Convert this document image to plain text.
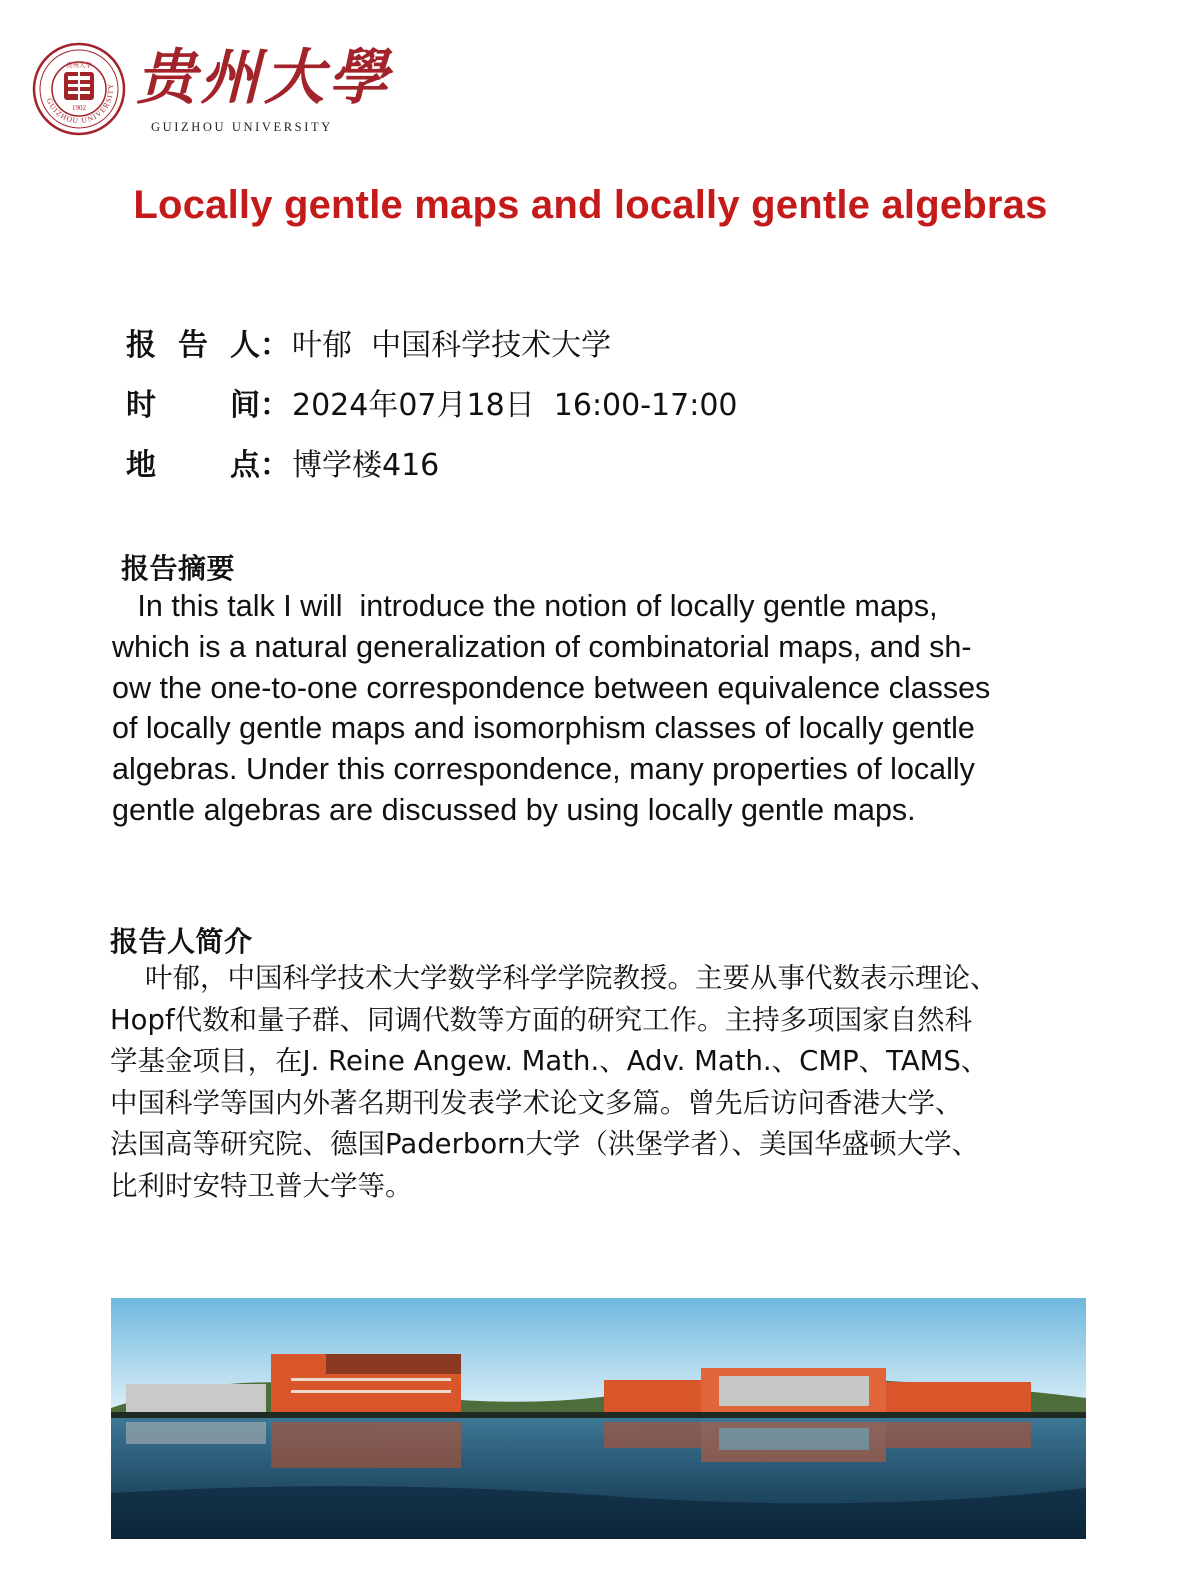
GUIZHOU UNIVERSITY
1902
贵州大学 贵州大學
GUIZHOU UNIVERSITY
Locally gentle maps and locally gentle algebras
报告人 ： 叶郁  中国科学技术大学
时 间 ： 2024年07月18日  16:00-17:00
地 点 ： 博学楼416
报告摘要
In this talk I will  introduce the notion of locally gentle maps,
which is a natural generalization of combinatorial maps, and sh-
ow the one-to-one correspondence between equivalence classes
of locally gentle maps and isomorphism classes of locally gentle
algebras. Under this correspondence, many properties of locally
gentle algebras are discussed by using locally gentle maps.
报告人简介
叶郁，中国科学技术大学数学科学学院教授。主要从事代数表示理论、
Hopf代数和量子群、同调代数等方面的研究工作。主持多项国家自然科
学基金项目，在J. Reine Angew. Math.、Adv. Math.、CMP、TAMS、
中国科学等国内外著名期刊发表学术论文多篇。曾先后访问香港大学、
法国高等研究院、德国Paderborn大学（洪堡学者）、美国华盛顿大学、
比利时安特卫普大学等。
